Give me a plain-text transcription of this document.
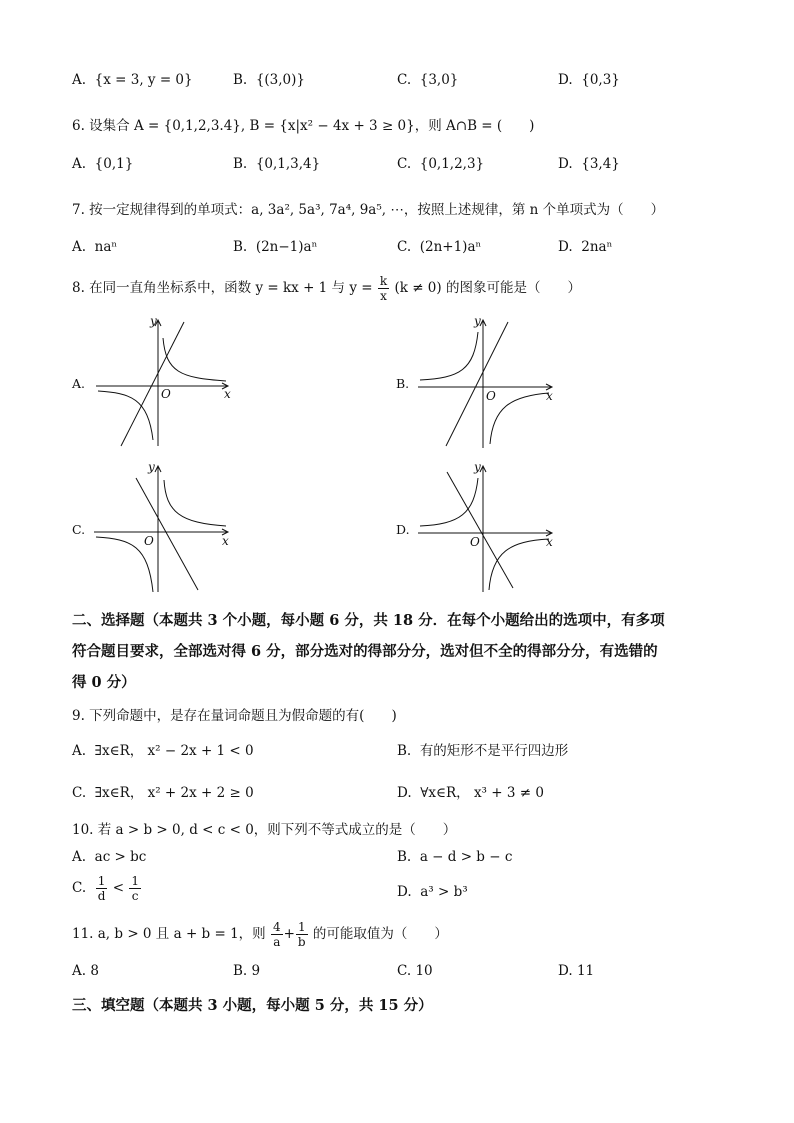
A. {x = 3, y = 0}	B. {(3,0)}	C. {3,0}	D. {0,3}
6. 设集合 A = {0,1,2,3.4}, B = {x|x² − 4x + 3 ≥ 0}，则 A∩B = (　　)
A. {0,1}	B. {0,1,3,4}	C. {0,1,2,3}	D. {3,4}
7. 按一定规律得到的单项式：a, 3a², 5a³, 7a⁴, 9a⁵, ⋯，按照上述规律，第 n 个单项式为（　　）
A. naⁿ	B. (2n−1)aⁿ	C. (2n+1)aⁿ	D. 2naⁿ
8. 在同一直角坐标系中，函数 y = kx + 1 与 $y = \frac{k}{x} (k \ne 0)$ 的图象可能是（　　）
A.	B.
C.	D.
y
x
O
y
x
O
y
x
O
y
x
O
二、选择题（本题共 3 个小题，每小题 6 分，共 18 分．在每个小题给出的选项中，有多项
符合题目要求，全部选对得 6 分，部分选对的得部分分，选对但不全的得部分分，有选错的
得 0 分）
9. 下列命题中，是存在量词命题且为假命题的有(　　)
A. ∃x∈R， x² − 2x + 1 < 0	B. 有的矩形不是平行四边形
C. ∃x∈R， x² + 2x + 2 ≥ 0	D. ∀x∈R， x³ + 3 ≠ 0
10. 若 a > b > 0, d < c < 0，则下列不等式成立的是（　　）
A. ac > bc	B. a − d > b − c
C. $\frac{1}{d} < \frac{1}{c}$	D. a³ > b³
11. a, b > 0 且 a + b = 1，则 $\frac{4}{a} + \frac{1}{b}$ 的可能取值为（　　）
A. 8	B. 9	C. 10	D. 11
三、填空题（本题共 3 小题，每小题 5 分，共 15 分）
